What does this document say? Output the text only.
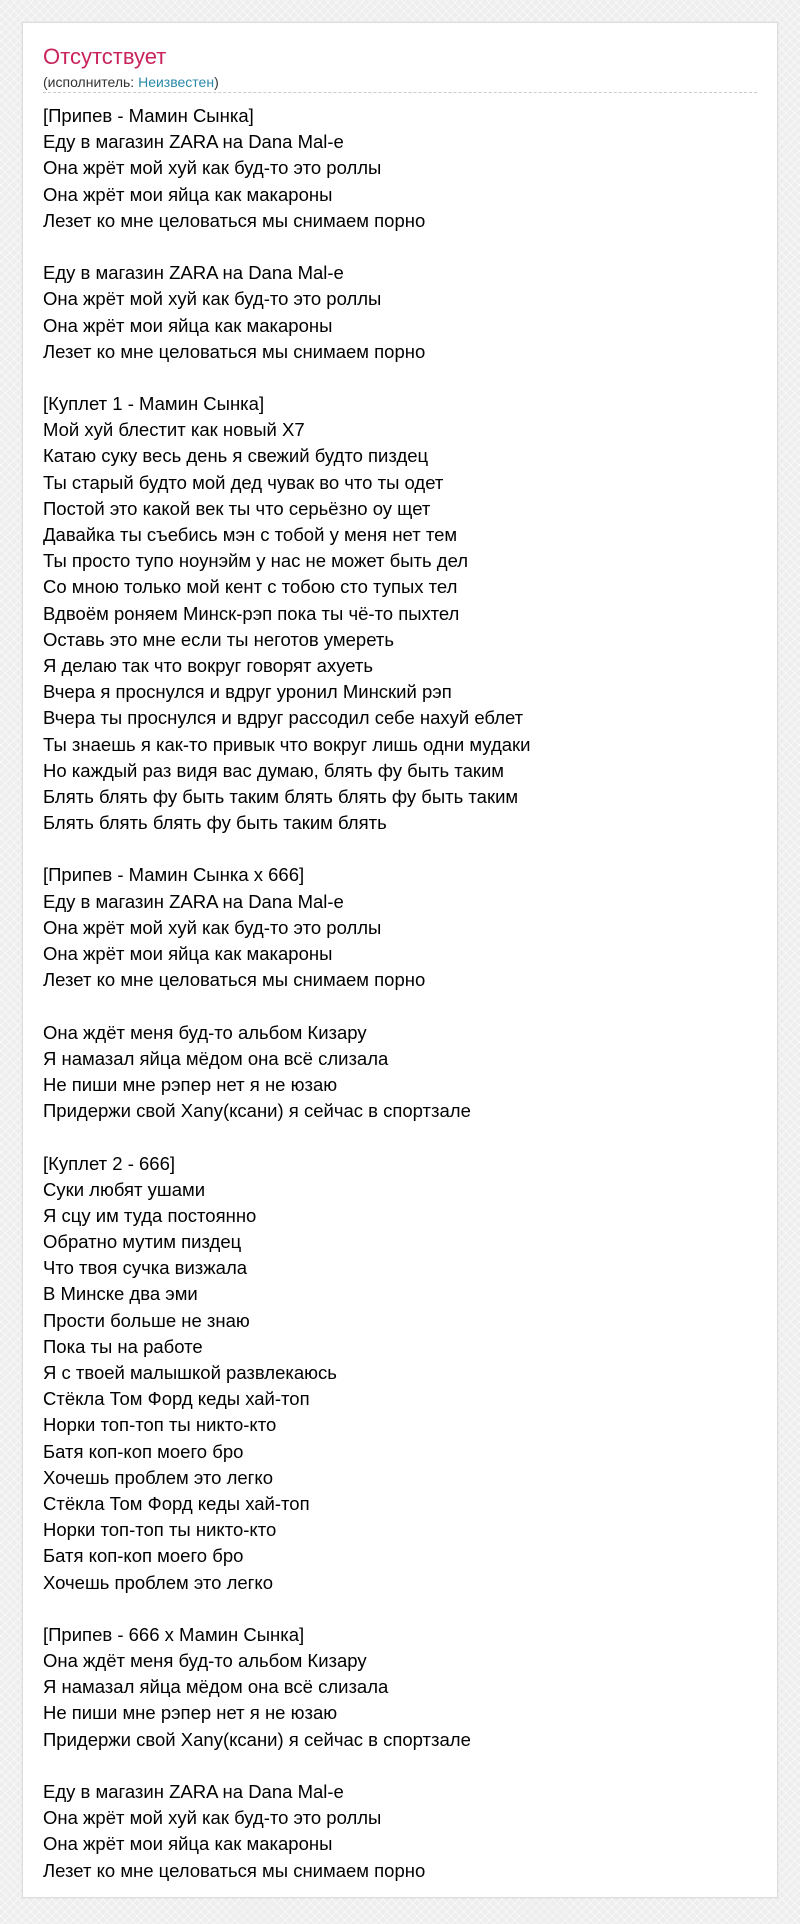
Отсутствует
(исполнитель: Неизвестен)
[Припев - Мамин Сынка]
Еду в магазин ZARA на Dana Mal-e
Она жрёт мой хуй как буд-то это роллы
Она жрёт мои яйца как макароны
Лезет ко мне целоваться мы снимаем порно
Еду в магазин ZARA на Dana Mal-e
Она жрёт мой хуй как буд-то это роллы
Она жрёт мои яйца как макароны
Лезет ко мне целоваться мы снимаем порно
[Куплет 1 - Мамин Сынка]
Мой хуй блестит как новый Х7
Катаю суку весь день я свежий будто пиздец
Ты старый будто мой дед чувак во что ты одет
Постой это какой век ты что серьёзно оу щет
Давайка ты съебись мэн с тобой у меня нет тем
Ты просто тупо ноунэйм у нас не может быть дел
Со мною только мой кент с тобою сто тупых тел
Вдвоём роняем Минск-рэп пока ты чё-то пыхтел
Оставь это мне если ты неготов умереть
Я делаю так что вокруг говорят ахуеть
Вчера я проснулся и вдруг уронил Минский рэп
Вчера ты проснулся и вдруг рассодил себе нахуй еблет
Ты знаешь я как-то привык что вокруг лишь одни мудаки
Но каждый раз видя вас думаю, блять фу быть таким
Блять блять фу быть таким блять блять фу быть таким
Блять блять блять фу быть таким блять
[Припев - Мамин Сынка x 666]
Еду в магазин ZARA на Dana Mal-e
Она жрёт мой хуй как буд-то это роллы
Она жрёт мои яйца как макароны
Лезет ко мне целоваться мы снимаем порно
Она ждёт меня буд-то альбом Кизару
Я намазал яйца мёдом она всё слизала
Не пиши мне рэпер нет я не юзаю
Придержи свой Xany(ксани) я сейчас в спортзале
[Куплет 2 - 666]
Суки любят ушами
Я сцу им туда постоянно
Обратно мутим пиздец
Что твоя сучка визжала
В Минске два эми
Прости больше не знаю
Пока ты на работе
Я с твоей малышкой развлекаюсь
Стёкла Том Форд кеды хай-топ
Норки топ-топ ты никто-кто
Батя коп-коп моего бро
Хочешь проблем это легко
Стёкла Том Форд кеды хай-топ
Норки топ-топ ты никто-кто
Батя коп-коп моего бро
Хочешь проблем это легко
[Припев - 666 x Мамин Сынка]
Она ждёт меня буд-то альбом Кизару
Я намазал яйца мёдом она всё слизала
Не пиши мне рэпер нет я не юзаю
Придержи свой Xany(ксани) я сейчас в спортзале
Еду в магазин ZARA на Dana Mal-e
Она жрёт мой хуй как буд-то это роллы
Она жрёт мои яйца как макароны
Лезет ко мне целоваться мы снимаем порно
